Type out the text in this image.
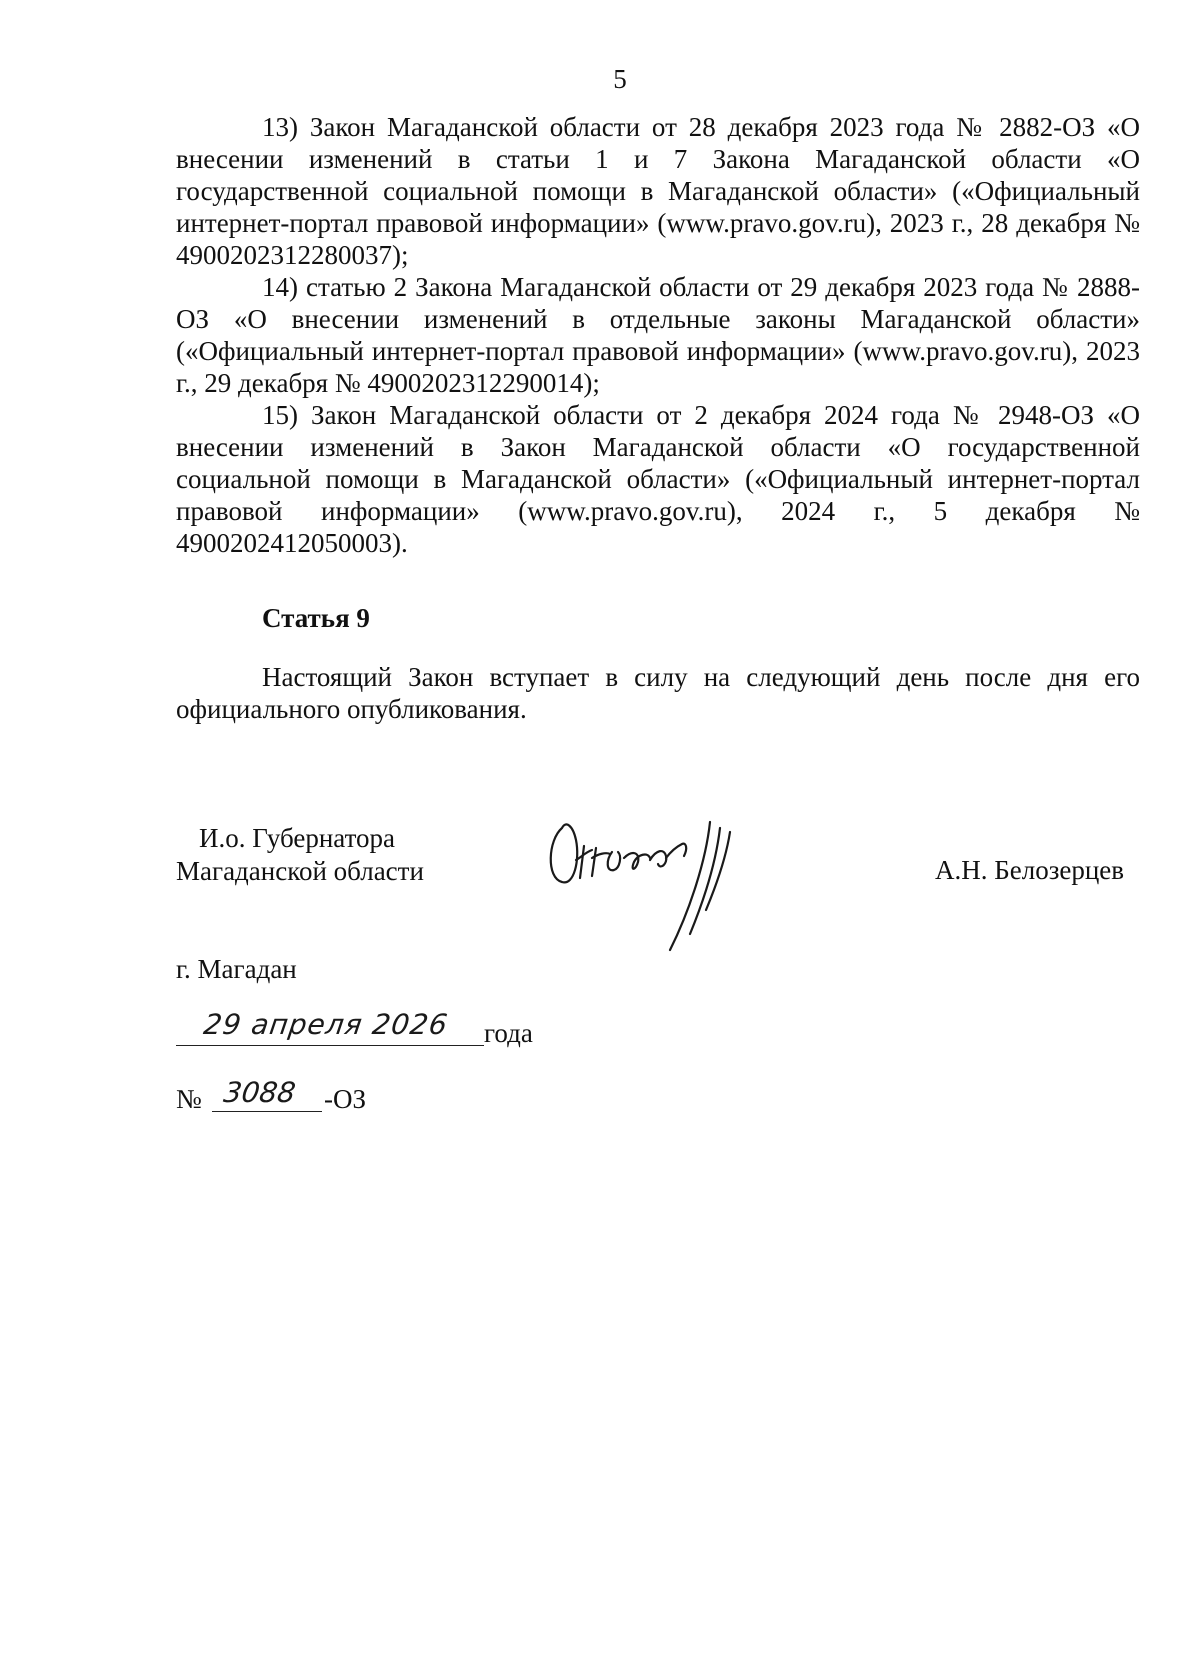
5

13) Закон Магаданской области от 28 декабря 2023 года № 2882-ОЗ «О внесении изменений в статьи 1 и 7 Закона Магаданской области «О государственной социальной помощи в Магаданской области» («Официальный интернет-портал правовой информации» (www.pravo.gov.ru), 2023 г., 28 декабря № 4900202312280037);

14) статью 2 Закона Магаданской области от 29 декабря 2023 года № 2888-ОЗ «О внесении изменений в отдельные законы Магаданской области» («Официальный интернет-портал правовой информации» (www.pravo.gov.ru), 2023 г., 29 декабря № 4900202312290014);

15) Закон Магаданской области от 2 декабря 2024 года № 2948-ОЗ «О внесении изменений в Закон Магаданской области «О государственной социальной помощи в Магаданской области» («Официальный интернет-портал правовой информации» (www.pravo.gov.ru), 2024 г., 5 декабря № 4900202412050003).

Статья 9

Настоящий Закон вступает в силу на следующий день после дня его официального опубликования.

И.о. Губернатора
Магаданской области	А.Н. Белозерцев
г. Магадан
29 апреля 2026 года
№ 3088 -ОЗ
